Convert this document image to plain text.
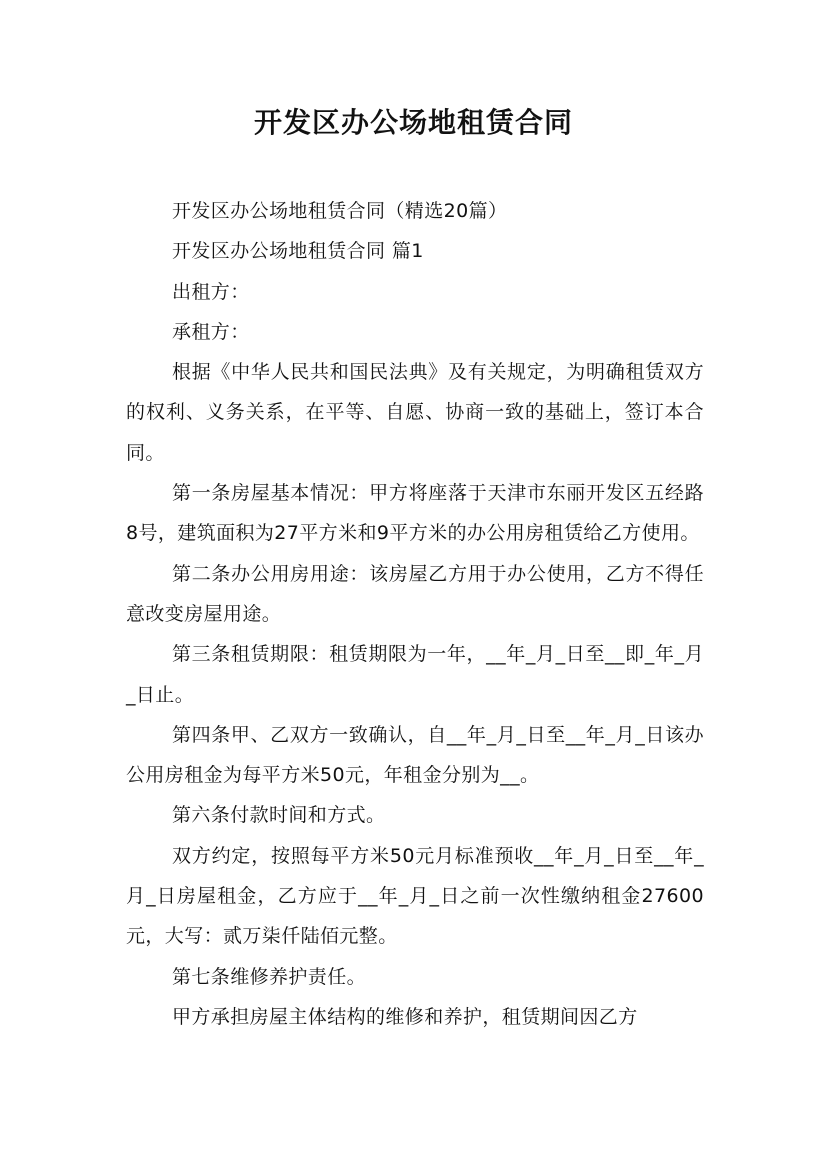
开发区办公场地租赁合同

开发区办公场地租赁合同（精选20篇）

开发区办公场地租赁合同 篇1

出租方：

承租方：

根据《中华人民共和国民法典》及有关规定，为明确租赁双方的权利、义务关系，在平等、自愿、协商一致的基础上，签订本合同。

第一条房屋基本情况：甲方将座落于天津市东丽开发区五经路8号，建筑面积为27平方米和9平方米的办公用房租赁给乙方使用。

第二条办公用房用途：该房屋乙方用于办公使用，乙方不得任意改变房屋用途。

第三条租赁期限：租赁期限为一年，__年_月_日至__即_年_月_日止。

第四条甲、乙双方一致确认，自__年_月_日至__年_月_日该办公用房租金为每平方米50元，年租金分别为__。

第六条付款时间和方式。

双方约定，按照每平方米50元月标准预收__年_月_日至__年_月_日房屋租金，乙方应于__年_月_日之前一次性缴纳租金27600元，大写：贰万柒仟陆佰元整。

第七条维修养护责任。

甲方承担房屋主体结构的维修和养护，租赁期间因乙方
